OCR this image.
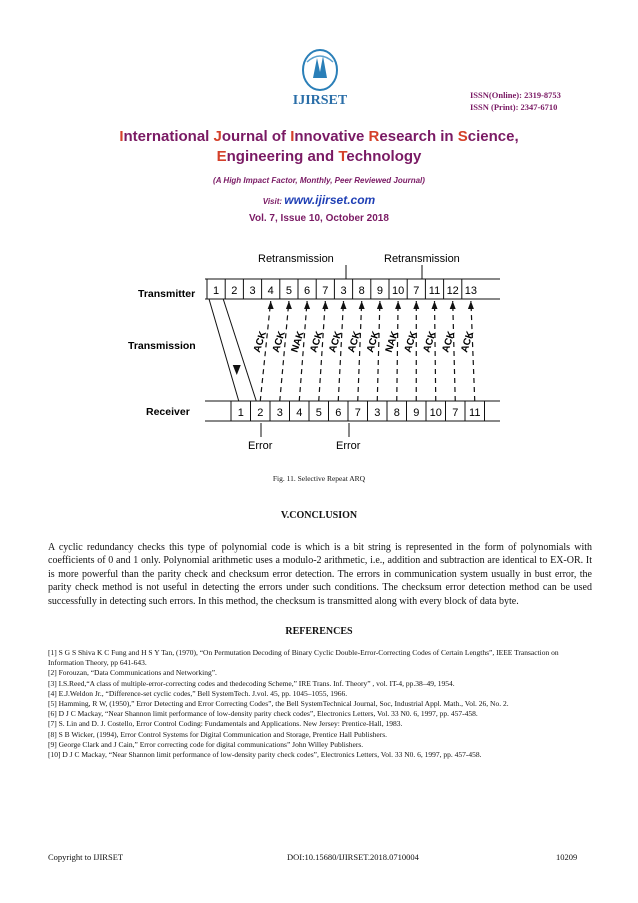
IJIRSET	ISSN(Online): 2319-8753
ISSN (Print): 2347-6710
International Journal of Innovative Research in Science,
Engineering and Technology
(A High Impact Factor, Monthly, Peer Reviewed Journal)
Visit: www.ijirset.com
Vol. 7, Issue 10, October 2018
Retransmission	Retransmission
Transmitter
Transmission
Receiver
1 2 3 4 5 6 7 3 8 9 10 7 11 12 13
1 2 3 4 5 6 7 3 8 9 10 7 11
ACK ACK NAK ACK ACK ACK ACK NAK ACK ACK ACK ACK
Error	Error
Fig. 11. Selective Repeat ARQ
V.CONCLUSION
A cyclic redundancy checks this type of polynomial code is which is a bit string is represented in the form of polynomials with coefficients of 0 and 1 only. Polynomial arithmetic uses a modulo-2 arithmetic, i.e., addition and subtraction are identical to EX-OR. It is more powerful than the parity check and checksum error detection. The errors in communication system usually in bust error, the parity check method is not useful in detecting the errors under such conditions. The checksum error detection method can be used successfully in detecting such errors. In this method, the checksum is transmitted along with every block of data byte.
REFERENCES
[1] S G S Shiva K C Fung and H S Y Tan, (1970), “On Permutation Decoding of Binary Cyclic Double-Error-Correcting Codes of Certain Lengths”, IEEE Transaction on Information Theory, pp 641-643.
[2] Forouzan, “Data Communications and Networking”.
[3] I.S.Reed,“A class of multiple-error-correcting codes and thedecoding Scheme,” IRE Trans. Inf. Theory” , vol. IT-4, pp.38–49, 1954.
[4] E.J.Weldon Jr., “Difference-set cyclic codes,” Bell SystemTech. J.vol. 45, pp. 1045–1055, 1966.
[5] Hamming, R W, (1950),” Error Detecting and Error Correcting Codes”, the Bell SystemTechnical Journal, Soc, Industrial Appl. Math., Vol. 26, No. 2.
[6] D J C Mackay, “Near Shannon limit performance of low-density parity check codes”, Electronics Letters, Vol. 33 N0. 6, 1997, pp. 457-458.
[7] S. Lin and D. J. Costello, Error Control Coding: Fundamentals and Applications. New Jersey: Prentice-Hall, 1983.
[8] S B Wicker, (1994), Error Control Systems for Digital Communication and Storage, Prentice Hall Publishers.
[9] George Clark and J Cain,” Error correcting code for digital communications” John Willey Publishers.
[10] D J C Mackay, “Near Shannon limit performance of low-density parity check codes”, Electronics Letters, Vol. 33 N0. 6, 1997, pp. 457-458.
Copyright to IJIRSET	DOI:10.15680/IJIRSET.2018.0710004	10209
